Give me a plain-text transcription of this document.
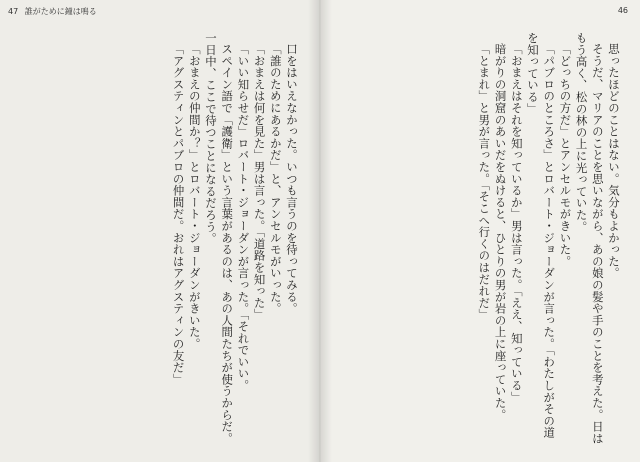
47 誰がために鐘は鳴る

口をはいえなかった。いつも言うのを待ってみる。

「誰のためにあるかだ」と、アンセルモがいった。

「おまえは何を見た」男は言った。「道路を知った」

「いい知らせだ」ロバート・ジョーダンが言った。「それでいい。

スペイン語で「護衛」という言葉があるのは、あの人間たちが使うからだ。一日中、ここで待つことになるだろう。

「おまえの仲間か？」とロバート・ジョーダンがきいた。

「アグスティンとパブロの仲間だ。おれはアグスティンの友だ」

46

思ったほどのことはない。気分もよかった。

そうだ、マリアのことを思いながら、あの娘の髪や手のことを考えた。日はもう高く、松の林の上に光っていた。

「どっちの方だ」とアンセルモがきいた。

「パブロのところさ」とロバート・ジョーダンが言った。「わたしがその道を知っている」

「おまえはそれを知っているか」男は言った。「ええ、知っている」

暗がりの洞窟のあいだをぬけると、ひとりの男が岩の上に座っていた。

「とまれ」と男が言った。「そこへ行くのはだれだ」
